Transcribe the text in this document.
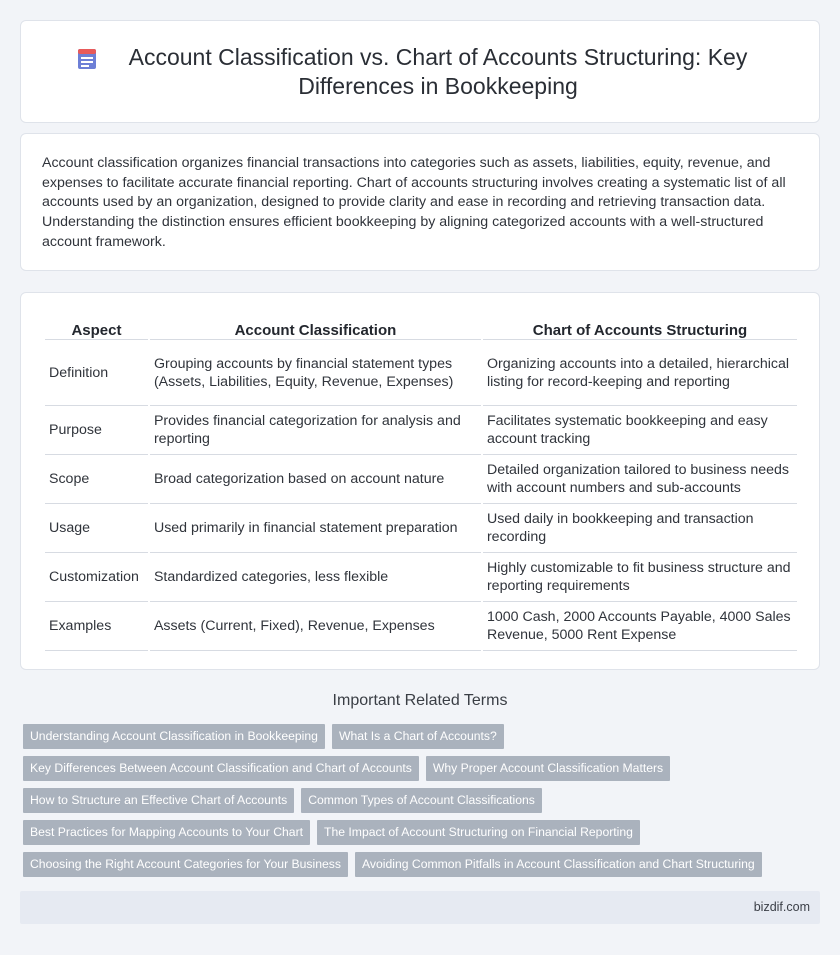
Account Classification vs. Chart of Accounts Structuring: Key Differences in Bookkeeping

Account classification organizes financial transactions into categories such as assets, liabilities, equity, revenue, and expenses to facilitate accurate financial reporting. Chart of accounts structuring involves creating a systematic list of all accounts used by an organization, designed to provide clarity and ease in recording and retrieving transaction data. Understanding the distinction ensures efficient bookkeeping by aligning categorized accounts with a well-structured account framework.

Aspect	Account Classification	Chart of Accounts Structuring
Definition	Grouping accounts by financial statement types (Assets, Liabilities, Equity, Revenue, Expenses)	Organizing accounts into a detailed, hierarchical listing for record-keeping and reporting
Purpose	Provides financial categorization for analysis and reporting	Facilitates systematic bookkeeping and easy account tracking
Scope	Broad categorization based on account nature	Detailed organization tailored to business needs with account numbers and sub-accounts
Usage	Used primarily in financial statement preparation	Used daily in bookkeeping and transaction recording
Customization	Standardized categories, less flexible	Highly customizable to fit business structure and reporting requirements
Examples	Assets (Current, Fixed), Revenue, Expenses	1000 Cash, 2000 Accounts Payable, 4000 Sales Revenue, 5000 Rent Expense
Important Related Terms
Understanding Account Classification in Bookkeeping	What Is a Chart of Accounts?
Key Differences Between Account Classification and Chart of Accounts	Why Proper Account Classification Matters
How to Structure an Effective Chart of Accounts	Common Types of Account Classifications
Best Practices for Mapping Accounts to Your Chart	The Impact of Account Structuring on Financial Reporting
Choosing the Right Account Categories for Your Business	Avoiding Common Pitfalls in Account Classification and Chart Structuring
bizdif.com
